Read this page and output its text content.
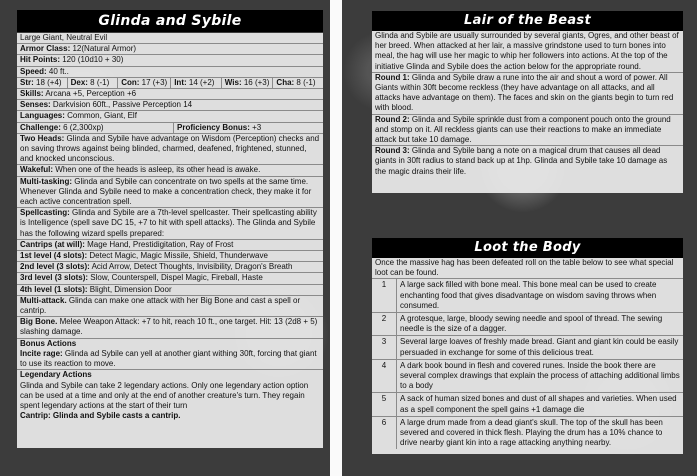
Glinda and Sybile
Large Giant, Neutral Evil
Armor Class: 12(Natural Armor)
Hit Points: 120 (10d10 + 30)
Speed: 40 ft..
Str: 18 (+4)	Dex: 8 (-1)	Con: 17 (+3) Int: 14 (+2)	Wis: 16 (+3) Cha: 8 (-1)
Skills: Arcana +5, Perception +6
Senses: Darkvision 60ft., Passive Perception 14
Languages: Common, Giant, Elf
Challenge: 6 (2,300xp)	Proficiency Bonus: +3
Two Heads: Glinda and Sybile have advantage on Wisdom (Perception) checks and on saving throws against being blinded, charmed, deafened, frightened, stunned, and knocked unconscious.
Wakeful: When one of the heads is asleep, its other head is awake.
Multi-tasking: Glinda and Sybile can concentrate on two spells at the same time. Whenever Glinda and Sybile need to make a concentration check, they make it for each active concentration spell.
Spellcasting: Glinda and Sybile are a 7th-level spellcaster. Their spellcasting ability is Intelligence (spell save DC 15, +7 to hit with spell attacks). The Glinda and Sybile has the following wizard spells prepared:
Cantrips (at will): Mage Hand, Prestidigitation, Ray of Frost
1st level (4 slots): Detect Magic, Magic Missile, Shield, Thunderwave
2nd level (3 slots): Acid Arrow, Detect Thoughts, Invisibility, Dragon's Breath
3rd level (3 slots): Slow, Counterspell, Dispel Magic, Fireball, Haste
4th level (1 slots): Blight, Dimension Door
Multi-attack. Glinda can make one attack with her Big Bone and cast a spell or cantrip.
Big Bone. Melee Weapon Attack: +7 to hit, reach 10 ft., one target. Hit: 13 (2d8 + 5) slashing damage.
Bonus Actions
Incite rage: Glinda ad Sybile can yell at another giant withing 30ft, forcing that giant to use its reaction to move.
Legendary Actions
Glinda and Sybile can take 2 legendary actions. Only one legendary action option can be used at a time and only at the end of another creature's turn. They regain spent legendary actions at the start of their turn
Cantrip: Glinda and Sybile casts a cantrip.
Lair of the Beast
Glinda and Sybile are usually surrounded by several giants, Ogres, and other beast of her breed. When attacked at her lair, a massive grindstone used to turn bones into meal, the hag will use her magic to whip her followers into actions. At the top of the initiative Glinda and Sybile does the action below for the appropriate round.
Round 1: Glinda and Sybile draw a rune into the air and shout a word of power. All Giants within 30ft become reckless (they have advantage on all attacks, and all attacks have advantage on them). The faces and skin on the giants begin to turn red with blood.
Round 2: Glinda and Sybile sprinkle dust from a component pouch onto the ground and stomp on it. All reckless giants can use their reactions to make an immediate attack but take 10 damage.
Round 3: Glinda and Sybile bang a note on a magical drum that causes all dead giants in 30ft radius to stand back up at 1hp. Glinda and Sybile take 10 damage as the magic drains their life.
Loot the Body
Once the massive hag has been defeated roll on the table below to see what special loot can be found.
1	A large sack filled with bone meal. This bone meal can be used to create enchanting food that gives disadvantage on wisdom saving throws when consumed.
2	A grotesque, large, bloody sewing needle and spool of thread. The sewing needle is the size of a dagger.
3	Several large loaves of freshly made bread. Giant and giant kin could be easily persuaded in exchange for some of this delicious treat.
4	A dark book bound in flesh and covered runes. Inside the book there are several complex drawings that explain the process of attaching additional limbs to a body
5	A sack of human sized bones and dust of all shapes and varieties. When used as a spell component the spell gains +1 damage die
6	A large drum made from a dead giant's skull. The top of the skull has been severed and covered in thick flesh. Playing the drum has a 10% chance to drive nearby giant kin into a rage attacking anything nearby.
